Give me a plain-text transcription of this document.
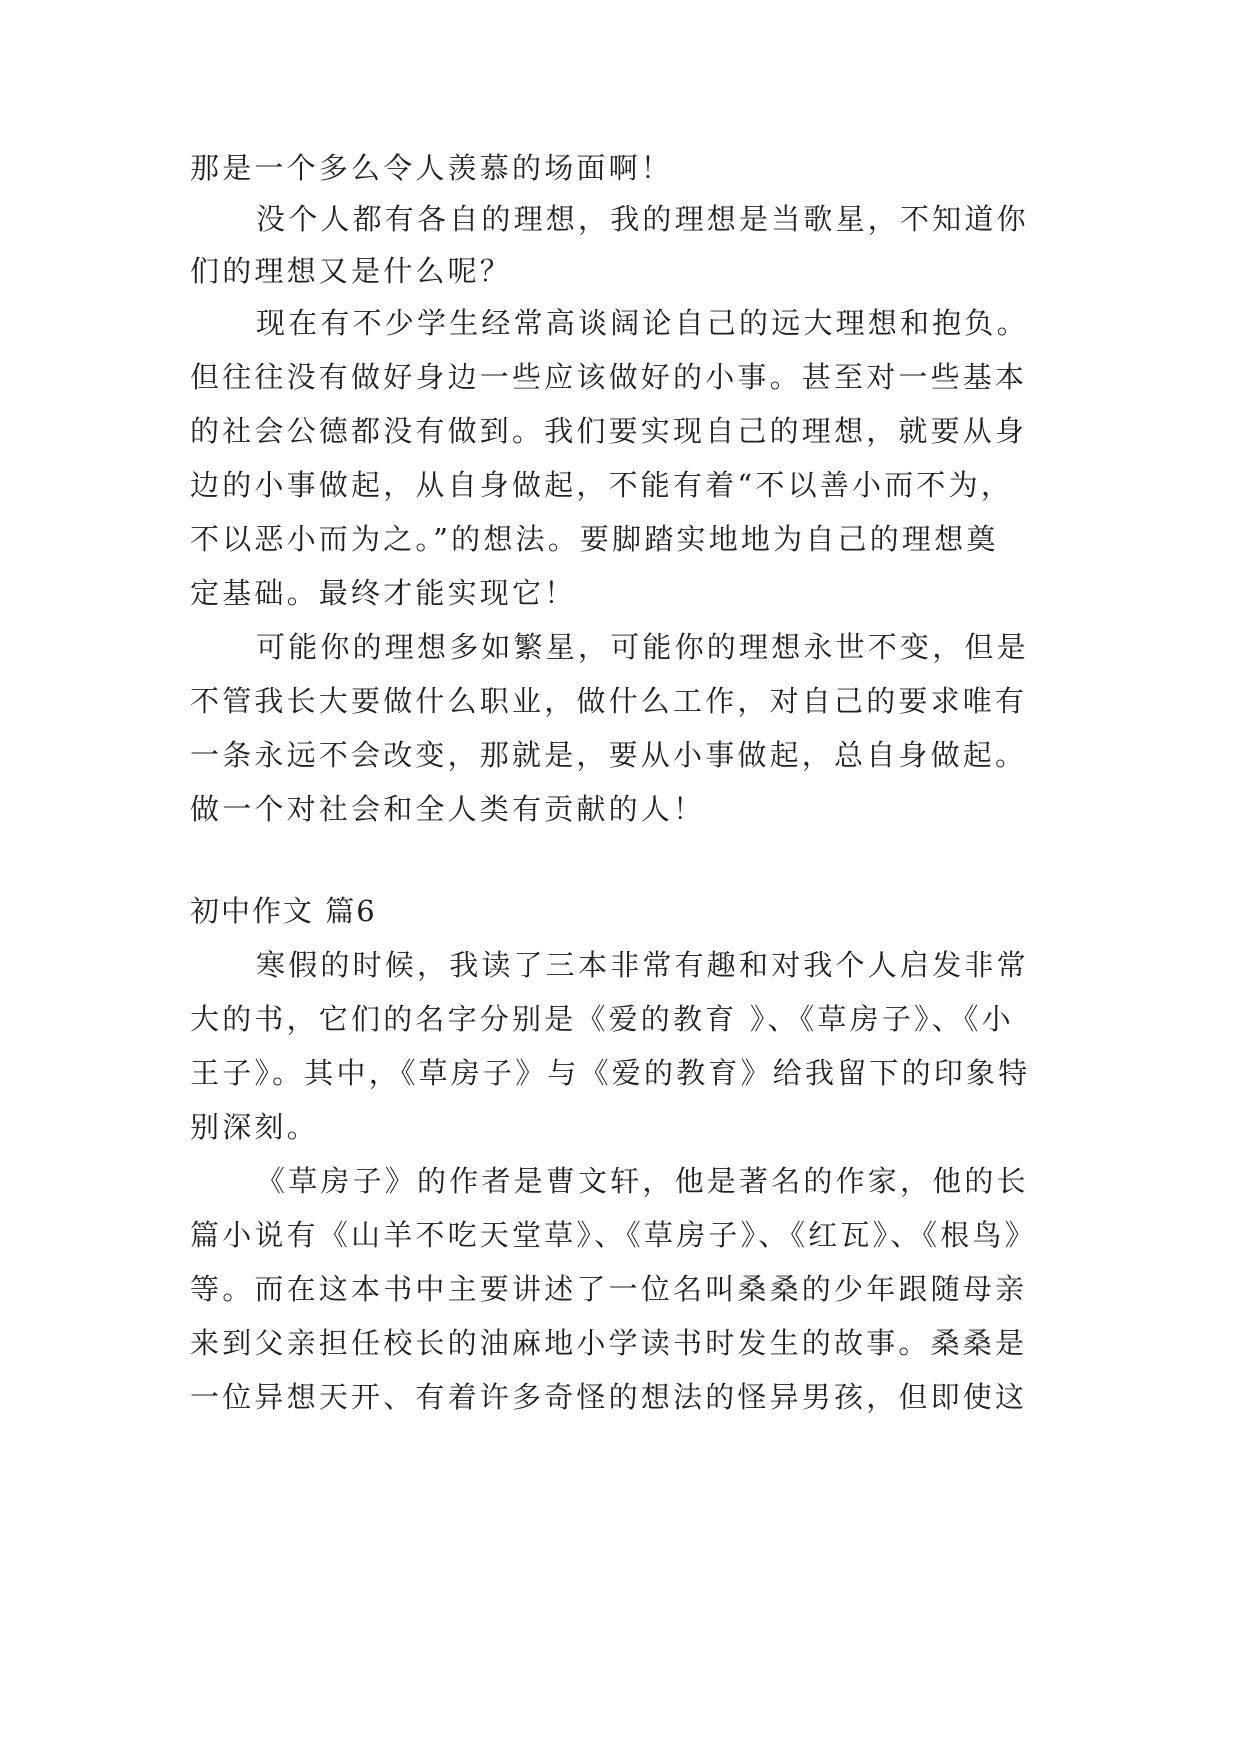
那是一个多么令人羡慕的场面啊！
没个人都有各自的理想，我的理想是当歌星，不知道你
们的理想又是什么呢？
现在有不少学生经常高谈阔论自己的远大理想和抱负。
但往往没有做好身边一些应该做好的小事。甚至对一些基本
的社会公德都没有做到。我们要实现自己的理想，就要从身
边的小事做起，从自身做起，不能有着“不以善小而不为，
不以恶小而为之。”的想法。要脚踏实地地为自己的理想奠
定基础。最终才能实现它！
可能你的理想多如繁星，可能你的理想永世不变，但是
不管我长大要做什么职业，做什么工作，对自己的要求唯有
一条永远不会改变，那就是，要从小事做起，总自身做起。
做一个对社会和全人类有贡献的人！
初中作文 篇6
寒假的时候，我读了三本非常有趣和对我个人启发非常
大的书，它们的名字分别是《爱的教育 》、《草房子》、《小
王子》。其中，《草房子》与《爱的教育》给我留下的印象特
别深刻。
《草房子》的作者是曹文轩，他是著名的作家，他的长
篇小说有《山羊不吃天堂草》、《草房子》、《红瓦》、《根鸟》
等。而在这本书中主要讲述了一位名叫桑桑的少年跟随母亲
来到父亲担任校长的油麻地小学读书时发生的故事。桑桑是
一位异想天开、有着许多奇怪的想法的怪异男孩，但即使这
